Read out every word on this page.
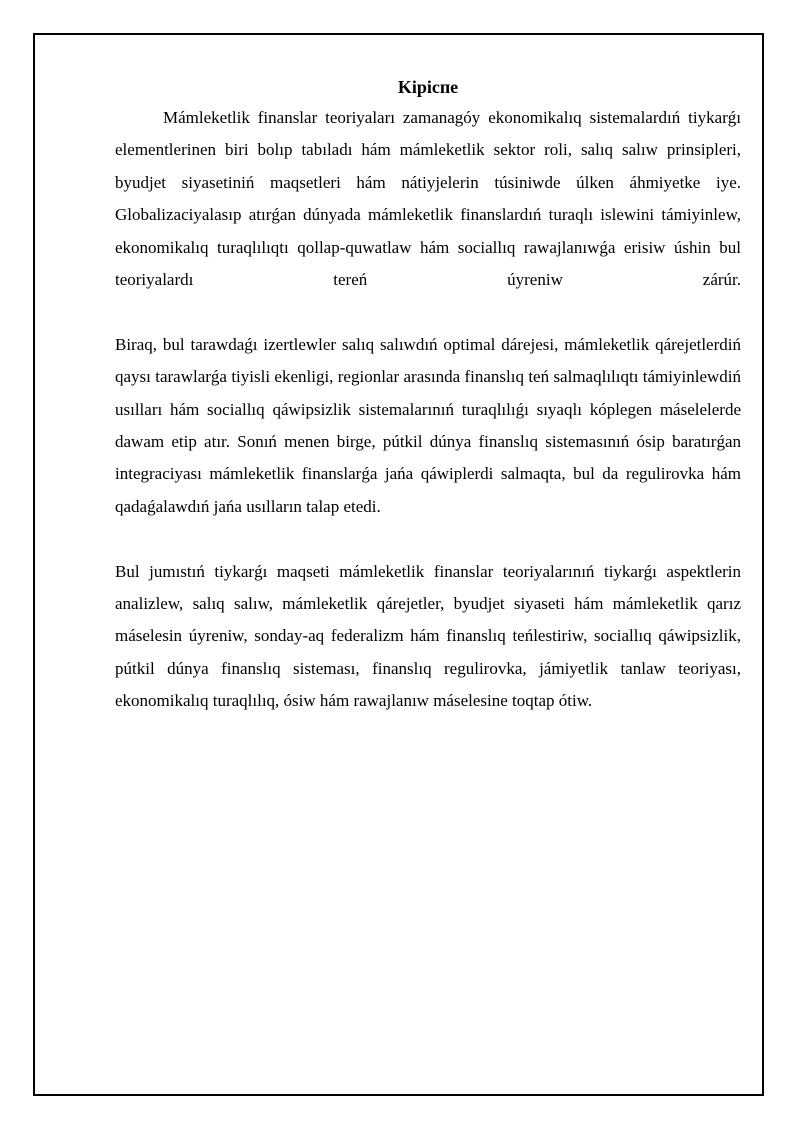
Kipicпe

Mámleketlik finanslar teoriyaları zamanagóy ekonomikalıq sistemalardıń tiykarǵı elementlerinen biri bolıp tabıladı hám mámleketlik sektor roli, salıq salıw prinsipleri, byudjet siyasetiniń maqsetleri hám nátiyjelerin túsiniwde úlken áhmiyetke iye. Globalizaciyalasıp atırǵan dúnyada mámleketlik finanslardıń turaqlı islewini támiyinlew, ekonomikalıq turaqlılıqtı qollap-quwatlaw hám sociallıq rawajlanıwǵa erisiw úshin bul teoriyalardı tereń úyreniw zárúr.

Biraq, bul tarawdaǵı izertlewler salıq salıwdıń optimal dárejesi, mámleketlik qárejetlerdiń qaysı tarawlarǵa tiyisli ekenligi, regionlar arasında finanslıq teń salmaqlılıqtı támiyinlewdiń usılları hám sociallıq qáwipsizlik sistemalarınıń turaqlılıǵı sıyaqlı kóplegen máselelerde dawam etip atır. Sonıń menen birge, pútkil dúnya finanslıq sistemasınıń ósip baratırǵan integraciyası mámleketlik finanslarǵa jańa qáwiplerdi salmaqta, bul da regulirovka hám qadaǵalawdıń jańa usılların talap etedi.

Bul jumıstıń tiykarǵı maqseti mámleketlik finanslar teoriyalarınıń tiykarǵı aspektlerin analizlew, salıq salıw, mámleketlik qárejetler, byudjet siyaseti hám mámleketlik qarız máselesin úyreniw, sonday-aq federalizm hám finanslıq teńlestiriw, sociallıq qáwipsizlik, pútkil dúnya finanslıq sisteması, finanslıq regulirovka, jámiyetlik tanlaw teoriyası, ekonomikalıq turaqlılıq, ósiw hám rawajlanıw máselesine toqtap ótiw.
